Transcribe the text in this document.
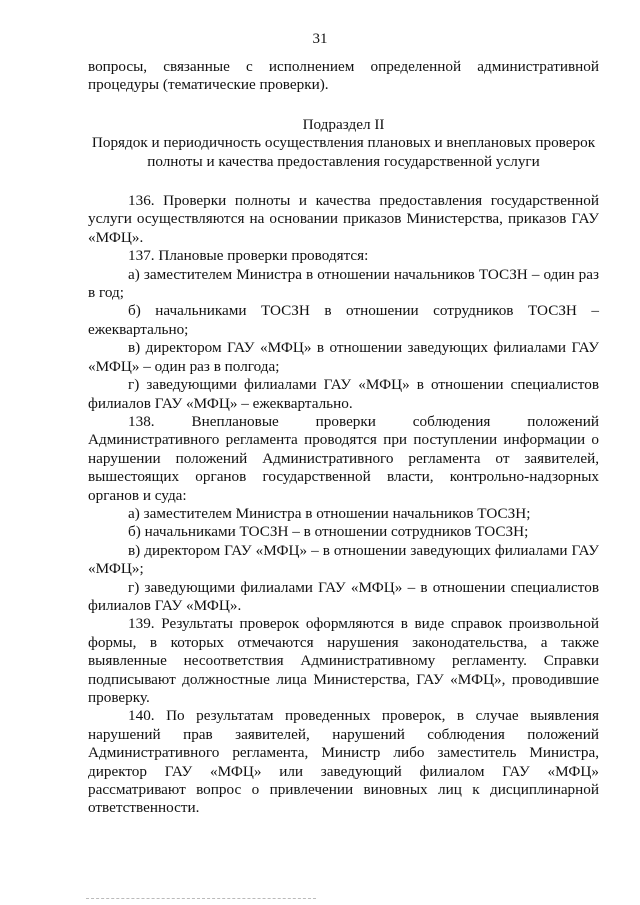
31

вопросы, связанные с исполнением определенной административной процедуры (тематические проверки).

Подраздел II

Порядок и периодичность осуществления плановых и внеплановых проверок

полноты и качества предоставления государственной услуги

136. Проверки полноты и качества предоставления государственной услуги осуществляются на основании приказов Министерства, приказов ГАУ «МФЦ».

137. Плановые проверки проводятся:

а) заместителем Министра в отношении начальников ТОСЗН – один раз в год;

б) начальниками ТОСЗН в отношении сотрудников ТОСЗН – ежеквартально;

в) директором ГАУ «МФЦ» в отношении заведующих филиалами ГАУ «МФЦ» – один раз в полгода;

г) заведующими филиалами ГАУ «МФЦ» в отношении специалистов филиалов ГАУ «МФЦ» – ежеквартально.

138. Внеплановые проверки соблюдения положений Административного регламента проводятся при поступлении информации о нарушении положений Административного регламента от заявителей, вышестоящих органов государственной власти, контрольно-надзорных органов и суда:

а) заместителем Министра в отношении начальников ТОСЗН;

б) начальниками ТОСЗН – в отношении сотрудников ТОСЗН;

в) директором ГАУ «МФЦ» – в отношении заведующих филиалами ГАУ «МФЦ»;

г) заведующими филиалами ГАУ «МФЦ» – в отношении специалистов филиалов ГАУ «МФЦ».

139. Результаты проверок оформляются в виде справок произвольной формы, в которых отмечаются нарушения законодательства, а также выявленные несоответствия Административному регламенту. Справки подписывают должностные лица Министерства, ГАУ «МФЦ», проводившие проверку.

140. По результатам проведенных проверок, в случае выявления нарушений прав заявителей, нарушений соблюдения положений Административного регламента, Министр либо заместитель Министра, директор ГАУ «МФЦ» или заведующий филиалом ГАУ «МФЦ» рассматривают вопрос о привлечении виновных лиц к дисциплинарной ответственности.
